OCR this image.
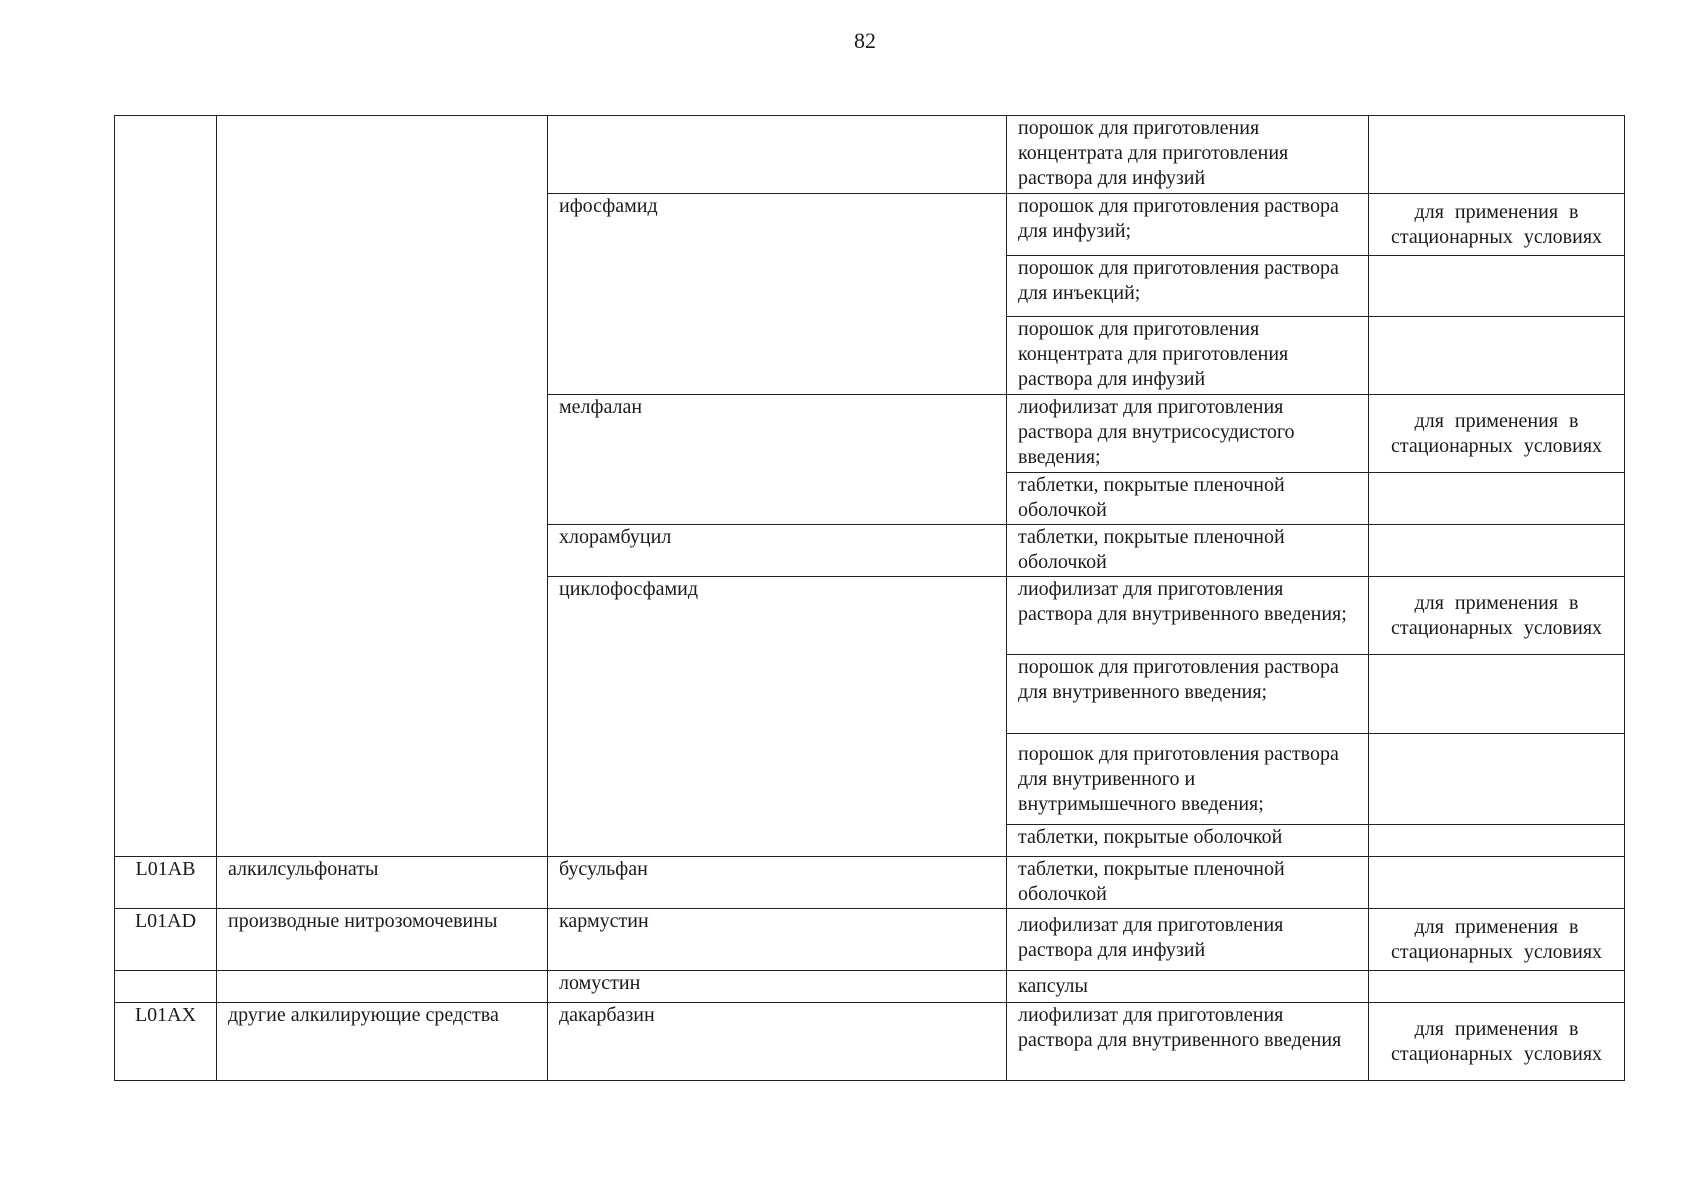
82
			порошок для приготовления концентрата для приготовления раствора для инфузий	
		ифосфамид	порошок для приготовления раствора для инфузий;	для применения в стационарных условиях
			порошок для приготовления раствора для инъекций;	
			порошок для приготовления концентрата для приготовления раствора для инфузий	
		мелфалан	лиофилизат для приготовления раствора для внутрисосудистого введения;	для применения в стационарных условиях
			таблетки, покрытые пленочной оболочкой	
		хлорамбуцил	таблетки, покрытые пленочной оболочкой	
		циклофосфамид	лиофилизат для приготовления раствора для внутривенного введения;	для применения в стационарных условиях
			порошок для приготовления раствора для внутривенного введения;	
			порошок для приготовления раствора для внутривенного и внутримышечного введения;	
			таблетки, покрытые оболочкой	
L01AB	алкилсульфонаты	бусульфан	таблетки, покрытые пленочной оболочкой	
L01AD	производные нитрозомочевины	кармустин	лиофилизат для приготовления раствора для инфузий	для применения в стационарных условиях
		ломустин	капсулы	
L01AX	другие алкилирующие средства	дакарбазин	лиофилизат для приготовления раствора для внутривенного введения	для применения в стационарных условиях
